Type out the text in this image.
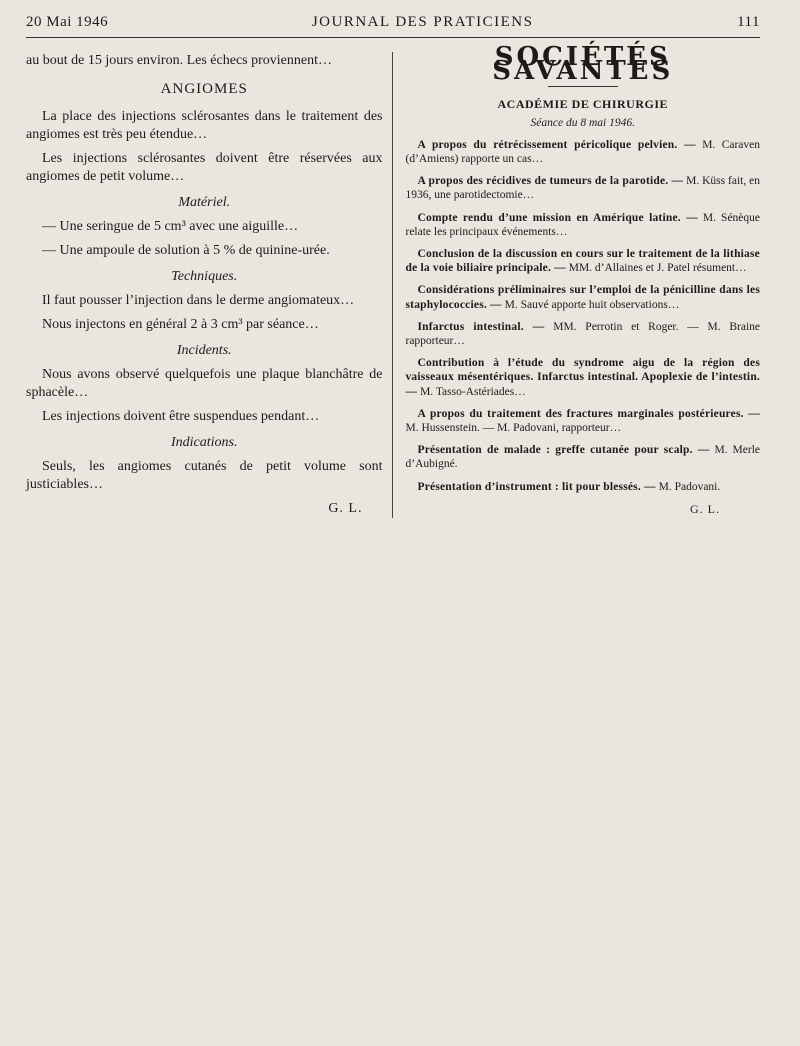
20 Mai 1946	JOURNAL DES PRATICIENS	111

au bout de 15 jours environ. Les échecs proviennent…

ANGIOMES

La place des injections sclérosantes dans le traitement des angiomes est très peu étendue…

Les injections sclérosantes doivent être réservées aux angiomes de petit volume…

Matériel.

— Une seringue de 5 cm³ avec une aiguille…

— Une ampoule de solution à 5 % de quinine-urée.

Techniques.

Il faut pousser l’injection dans le derme angiomateux…

Nous injectons en général 2 à 3 cm³ par séance…

Incidents.

Nous avons observé quelquefois une plaque blanchâtre de sphacèle…

Les injections doivent être suspendues pendant…

Indications.

Seuls, les angiomes cutanés de petit volume sont justiciables…

G. L.
SOCIÉTÉS SAVANTES
ACADÉMIE DE CHIRURGIE
Séance du 8 mai 1946.

A propos du rétrécissement péricolique pelvien. — M. Caraven (d’Amiens) rapporte un cas…

A propos des récidives de tumeurs de la parotide. — M. Küss fait, en 1936, une parotidectomie…

Compte rendu d’une mission en Amérique latine. — M. Sénèque relate les principaux événements…

Conclusion de la discussion en cours sur le traitement de la lithiase de la voie biliaire principale. — MM. d’Allaines et J. Patel résument…

Considérations préliminaires sur l’emploi de la pénicilline dans les staphylococcies. — M. Sauvé apporte huit observations…

Infarctus intestinal. — MM. Perrotin et Roger. — M. Braine rapporteur…

Contribution à l’étude du syndrome aigu de la région des vaisseaux mésentériques. Infarctus intestinal. Apoplexie de l’intestin. — M. Tasso-Astériades…

A propos du traitement des fractures marginales postérieures. — M. Hussenstein. — M. Padovani, rapporteur…

Présentation de malade : greffe cutanée pour scalp. — M. Merle d’Aubigné.

Présentation d’instrument : lit pour blessés. — M. Padovani.

G. L.
